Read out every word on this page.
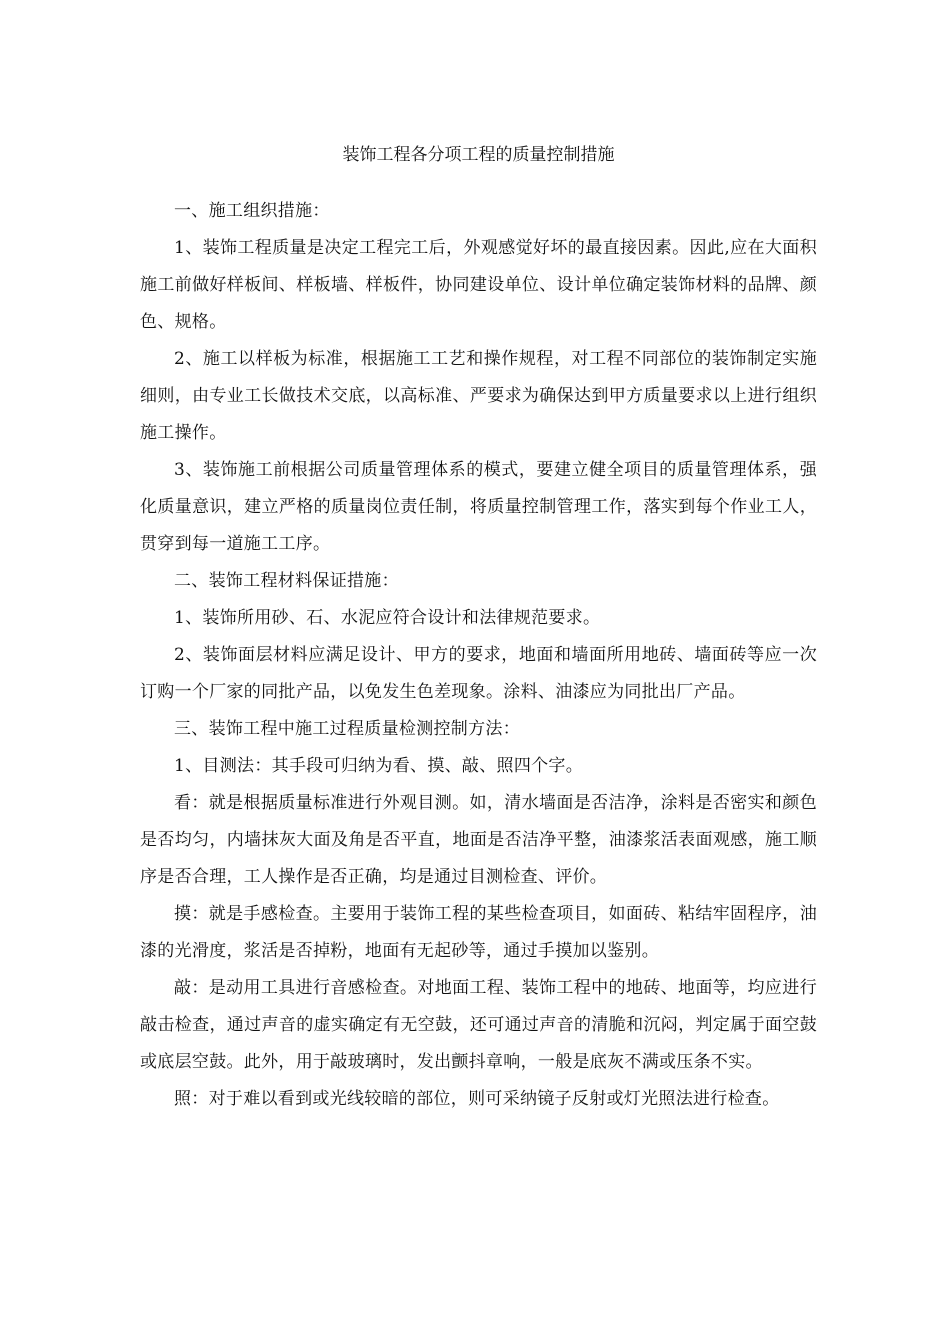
装饰工程各分项工程的质量控制措施

一、施工组织措施：

1、装饰工程质量是决定工程完工后，外观感觉好坏的最直接因素。因此,应在大面积施工前做好样板间、样板墙、样板件，协同建设单位、设计单位确定装饰材料的品牌、颜色、规格。

2、施工以样板为标准，根据施工工艺和操作规程，对工程不同部位的装饰制定实施细则，由专业工长做技术交底，以高标准、严要求为确保达到甲方质量要求以上进行组织施工操作。

3、装饰施工前根据公司质量管理体系的模式，要建立健全项目的质量管理体系，强化质量意识，建立严格的质量岗位责任制，将质量控制管理工作，落实到每个作业工人，贯穿到每一道施工工序。

二、装饰工程材料保证措施：

1、装饰所用砂、石、水泥应符合设计和法律规范要求。

2、装饰面层材料应满足设计、甲方的要求，地面和墙面所用地砖、墙面砖等应一次订购一个厂家的同批产品，以免发生色差现象。涂料、油漆应为同批出厂产品。

三、装饰工程中施工过程质量检测控制方法：

1、目测法：其手段可归纳为看、摸、敲、照四个字。

看：就是根据质量标准进行外观目测。如，清水墙面是否洁净，涂料是否密实和颜色是否均匀，内墙抹灰大面及角是否平直，地面是否洁净平整，油漆浆活表面观感，施工顺序是否合理，工人操作是否正确，均是通过目测检查、评价。

摸：就是手感检查。主要用于装饰工程的某些检查项目，如面砖、粘结牢固程序，油漆的光滑度，浆活是否掉粉，地面有无起砂等，通过手摸加以鉴别。

敲：是动用工具进行音感检查。对地面工程、装饰工程中的地砖、地面等，均应进行敲击检查，通过声音的虚实确定有无空鼓，还可通过声音的清脆和沉闷，判定属于面空鼓或底层空鼓。此外，用于敲玻璃时，发出颤抖章响，一般是底灰不满或压条不实。

照：对于难以看到或光线较暗的部位，则可采纳镜子反射或灯光照法进行检查。
